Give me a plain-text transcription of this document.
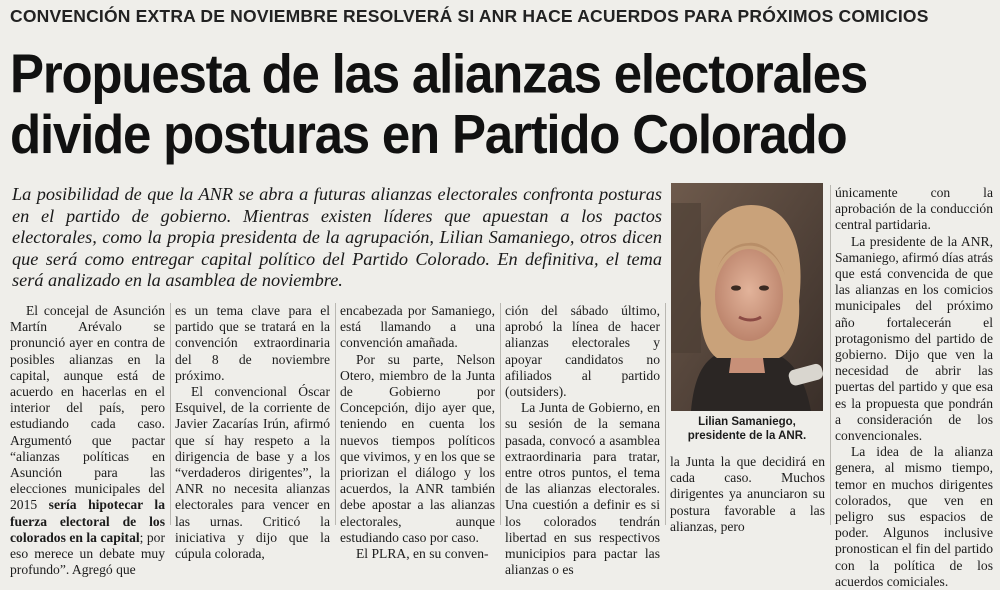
CONVENCIÓN EXTRA DE NOVIEMBRE RESOLVERÁ SI ANR HACE ACUERDOS PARA PRÓXIMOS COMICIOS
Propuesta de las alianzas electorales
divide posturas en Partido Colorado
La posibilidad de que la ANR se abra a futuras alianzas electorales confronta posturas en el partido de gobierno. Mientras existen líderes que apuestan a los pactos electorales, como la propia presidenta de la agrupación, Lilian Samaniego, otros dicen que será como entregar capital político del Partido Colorado. En definitiva, el tema será analizado en la asamblea de noviembre.

El concejal de Asunción Martín Arévalo se pronunció ayer en contra de posibles alianzas en la capital, aunque está de acuerdo en hacerlas en el interior del país, pero estudiando cada caso. Argumentó que pactar “alianzas políticas en Asunción para las elecciones municipales del 2015 sería hipotecar la fuerza electoral de los colorados en la capital; por eso merece un debate muy profundo”. Agregó que

es un tema clave para el partido que se tratará en la convención extraordinaria del 8 de noviembre próximo.

El convencional Óscar Esquivel, de la corriente de Javier Zacarías Irún, afirmó que sí hay respeto a la dirigencia de base y a los “verdaderos dirigentes”, la ANR no necesita alianzas electorales para vencer en las urnas. Criticó la iniciativa y dijo que la cúpula colorada,

encabezada por Samaniego, está llamando a una convención amañada.

Por su parte, Nelson Otero, miembro de la Junta de Gobierno por Concepción, dijo ayer que, teniendo en cuenta los nuevos tiempos políticos que vivimos, y en los que se priorizan el diálogo y los acuerdos, la ANR también debe apostar a las alianzas electorales, aunque estudiando caso por caso.

El PLRA, en su conven-

ción del sábado último, aprobó la línea de hacer alianzas electorales y apoyar candidatos no afiliados al partido (outsiders).

La Junta de Gobierno, en su sesión de la semana pasada, convocó a asamblea extraordinaria para tratar, entre otros puntos, el tema de las alianzas electorales. Una cuestión a definir es si los colorados tendrán libertad en sus respectivos municipios para pactar las alianzas o es

Lilian Samaniego,
presidente de la ANR.

la Junta la que decidirá en cada caso. Muchos dirigentes ya anunciaron su postura favorable a las alianzas, pero

únicamente con la aprobación de la conducción central partidaria.

La presidente de la ANR, Samaniego, afirmó días atrás que está convencida de que las alianzas en los comicios municipales del próximo año fortalecerán el protagonismo del partido de gobierno. Dijo que ven la necesidad de abrir las puertas del partido y que esa es la propuesta que pondrán a consideración de los convencionales.

La idea de la alianza genera, al mismo tiempo, temor en muchos dirigentes colorados, que ven en peligro sus espacios de poder. Algunos inclusive pronostican el fin del partido con la política de los acuerdos comiciales.
